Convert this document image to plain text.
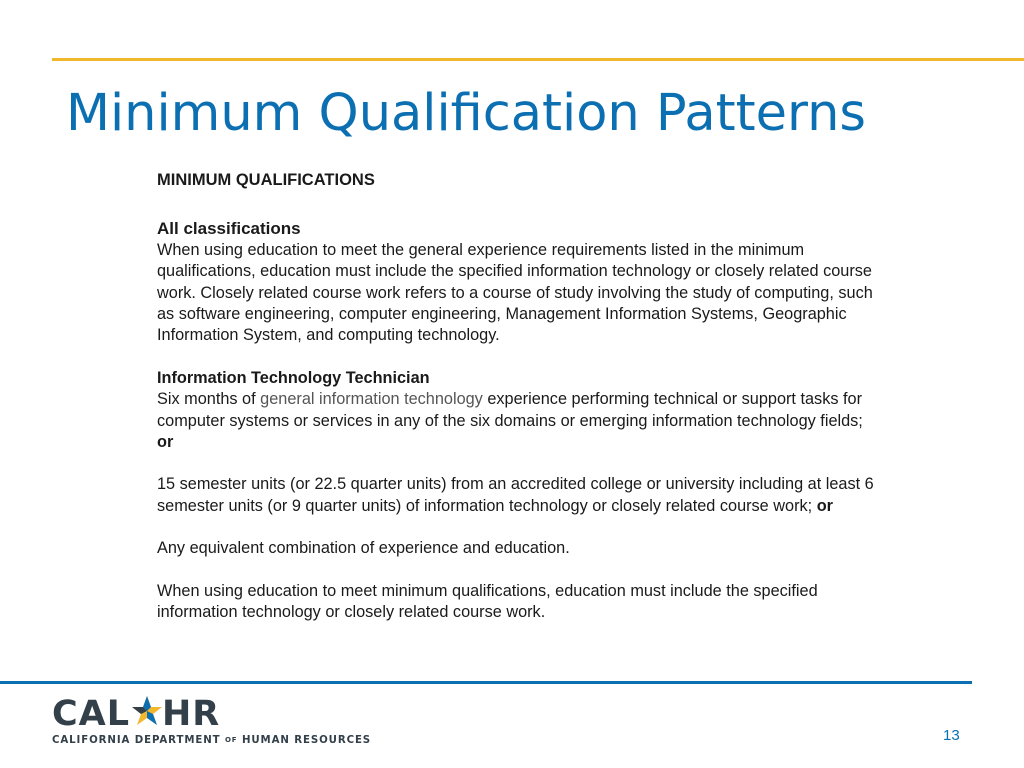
Minimum Qualification Patterns

MINIMUM QUALIFICATIONS

All classifications

When using education to meet the general experience requirements listed in the minimum qualifications, education must include the specified information technology or closely related course work. Closely related course work refers to a course of study involving the study of computing, such as software engineering, computer engineering, Management Information Systems, Geographic Information System, and computing technology.

Information Technology Technician

Six months of general information technology experience performing technical or support tasks for computer systems or services in any of the six domains or emerging information technology fields; or

15 semester units (or 22.5 quarter units) from an accredited college or university including at least 6 semester units (or 9 quarter units) of information technology or closely related course work; or

Any equivalent combination of experience and education.

When using education to meet minimum qualifications, education must include the specified information technology or closely related course work.

CAL HR
CALIFORNIA DEPARTMENT OF HUMAN RESOURCES	13
